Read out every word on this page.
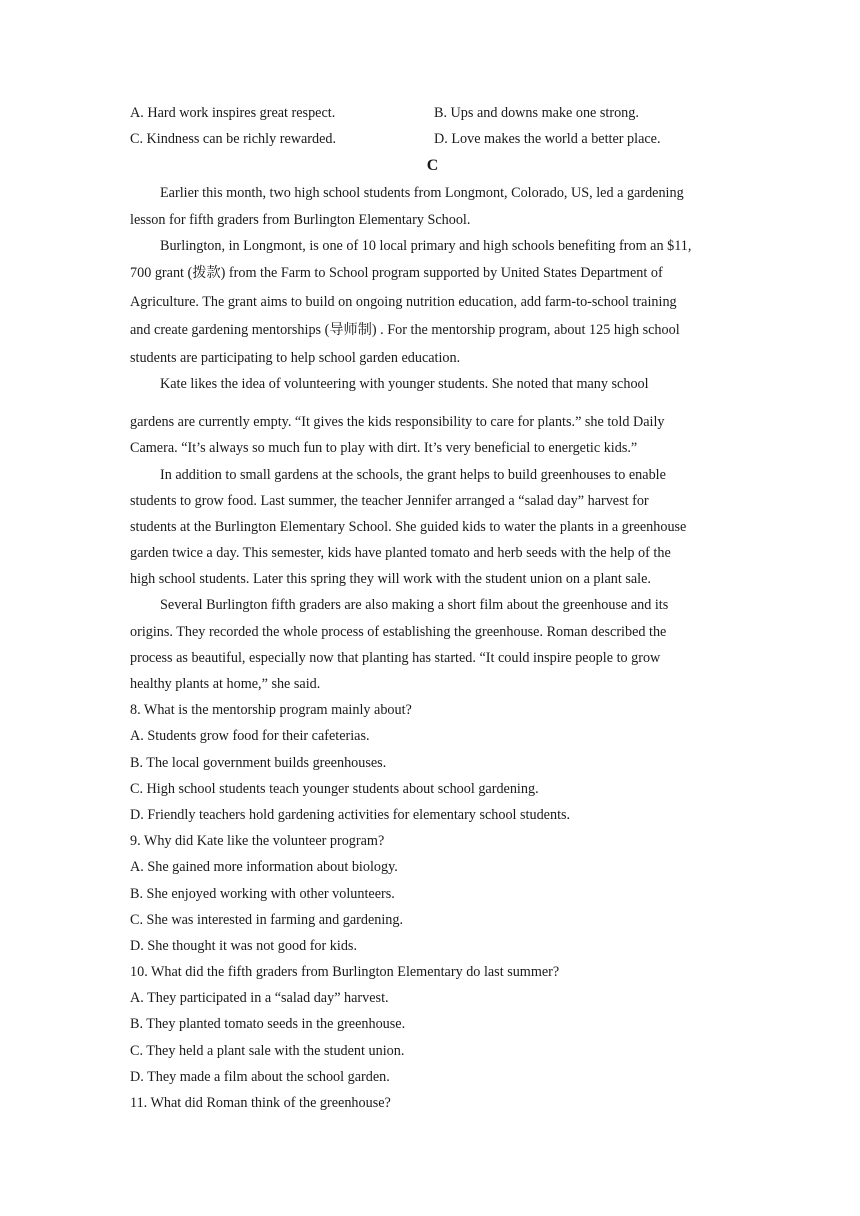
A. Hard work inspires great respect.	B. Ups and downs make one strong.
C. Kindness can be richly rewarded.	D. Love makes the world a better place.
C
Earlier this month, two high school students from Longmont, Colorado, US, led a gardening
lesson for fifth graders from Burlington Elementary School.
Burlington, in Longmont, is one of 10 local primary and high schools benefiting from an $11,
700 grant (拨款) from the Farm to School program supported by United States Department of
Agriculture. The grant aims to build on ongoing nutrition education, add farm-to-school training
and create gardening mentorships (导师制) . For the mentorship program, about 125 high school
students are participating to help school garden education.
Kate likes the idea of volunteering with younger students. She noted that many school
gardens are currently empty. “It gives the kids responsibility to care for plants.” she told Daily
Camera. “It’s always so much fun to play with dirt. It’s very beneficial to energetic kids.”
In addition to small gardens at the schools, the grant helps to build greenhouses to enable
students to grow food. Last summer, the teacher Jennifer arranged a “salad day” harvest for
students at the Burlington Elementary School. She guided kids to water the plants in a greenhouse
garden twice a day. This semester, kids have planted tomato and herb seeds with the help of the
high school students. Later this spring they will work with the student union on a plant sale.
Several Burlington fifth graders are also making a short film about the greenhouse and its
origins. They recorded the whole process of establishing the greenhouse. Roman described the
process as beautiful, especially now that planting has started. “It could inspire people to grow
healthy plants at home,” she said.
8. What is the mentorship program mainly about?
A. Students grow food for their cafeterias.
B. The local government builds greenhouses.
C. High school students teach younger students about school gardening.
D. Friendly teachers hold gardening activities for elementary school students.
9. Why did Kate like the volunteer program?
A. She gained more information about biology.
B. She enjoyed working with other volunteers.
C. She was interested in farming and gardening.
D. She thought it was not good for kids.
10. What did the fifth graders from Burlington Elementary do last summer?
A. They participated in a “salad day” harvest.
B. They planted tomato seeds in the greenhouse.
C. They held a plant sale with the student union.
D. They made a film about the school garden.
11. What did Roman think of the greenhouse?
